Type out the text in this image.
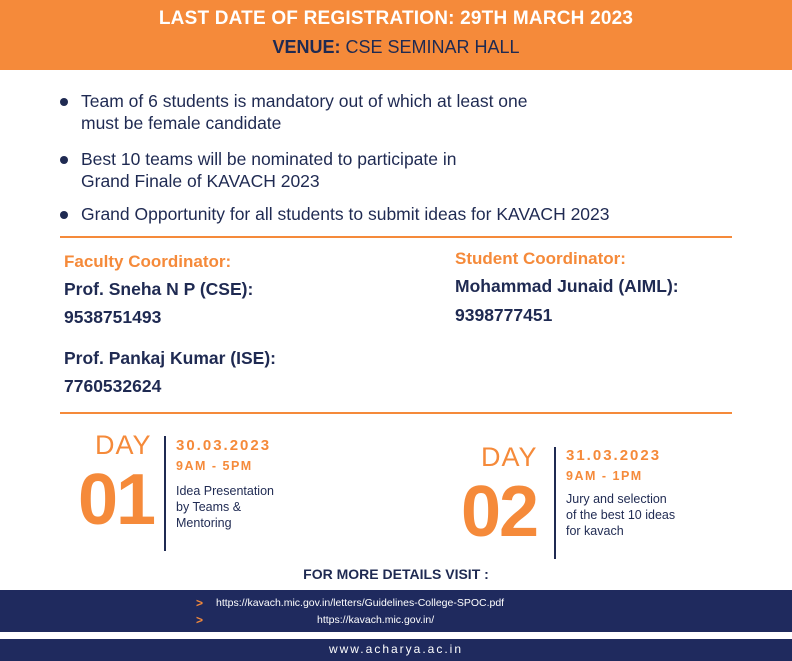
LAST DATE OF REGISTRATION: 29TH MARCH 2023
VENUE: CSE SEMINAR HALL
Team of 6 students is mandatory out of which at least one
must be female candidate
Best 10 teams will be nominated to participate in
Grand Finale of KAVACH 2023
Grand Opportunity for all students to submit ideas for KAVACH 2023
Faculty Coordinator:
Prof. Sneha N P (CSE):
9538751493
Prof. Pankaj Kumar (ISE):
7760532624
Student Coordinator:
Mohammad Junaid (AIML):
9398777451
DAY
01
30.03.2023
9AM - 5PM
Idea Presentation
by Teams &
Mentoring
DAY
02
31.03.2023
9AM - 1PM
Jury and selection
of the best 10 ideas
for kavach
FOR MORE DETAILS VISIT :
> https://kavach.mic.gov.in/letters/Guidelines-College-SPOC.pdf
>	https://kavach.mic.gov.in/
www.acharya.ac.in
